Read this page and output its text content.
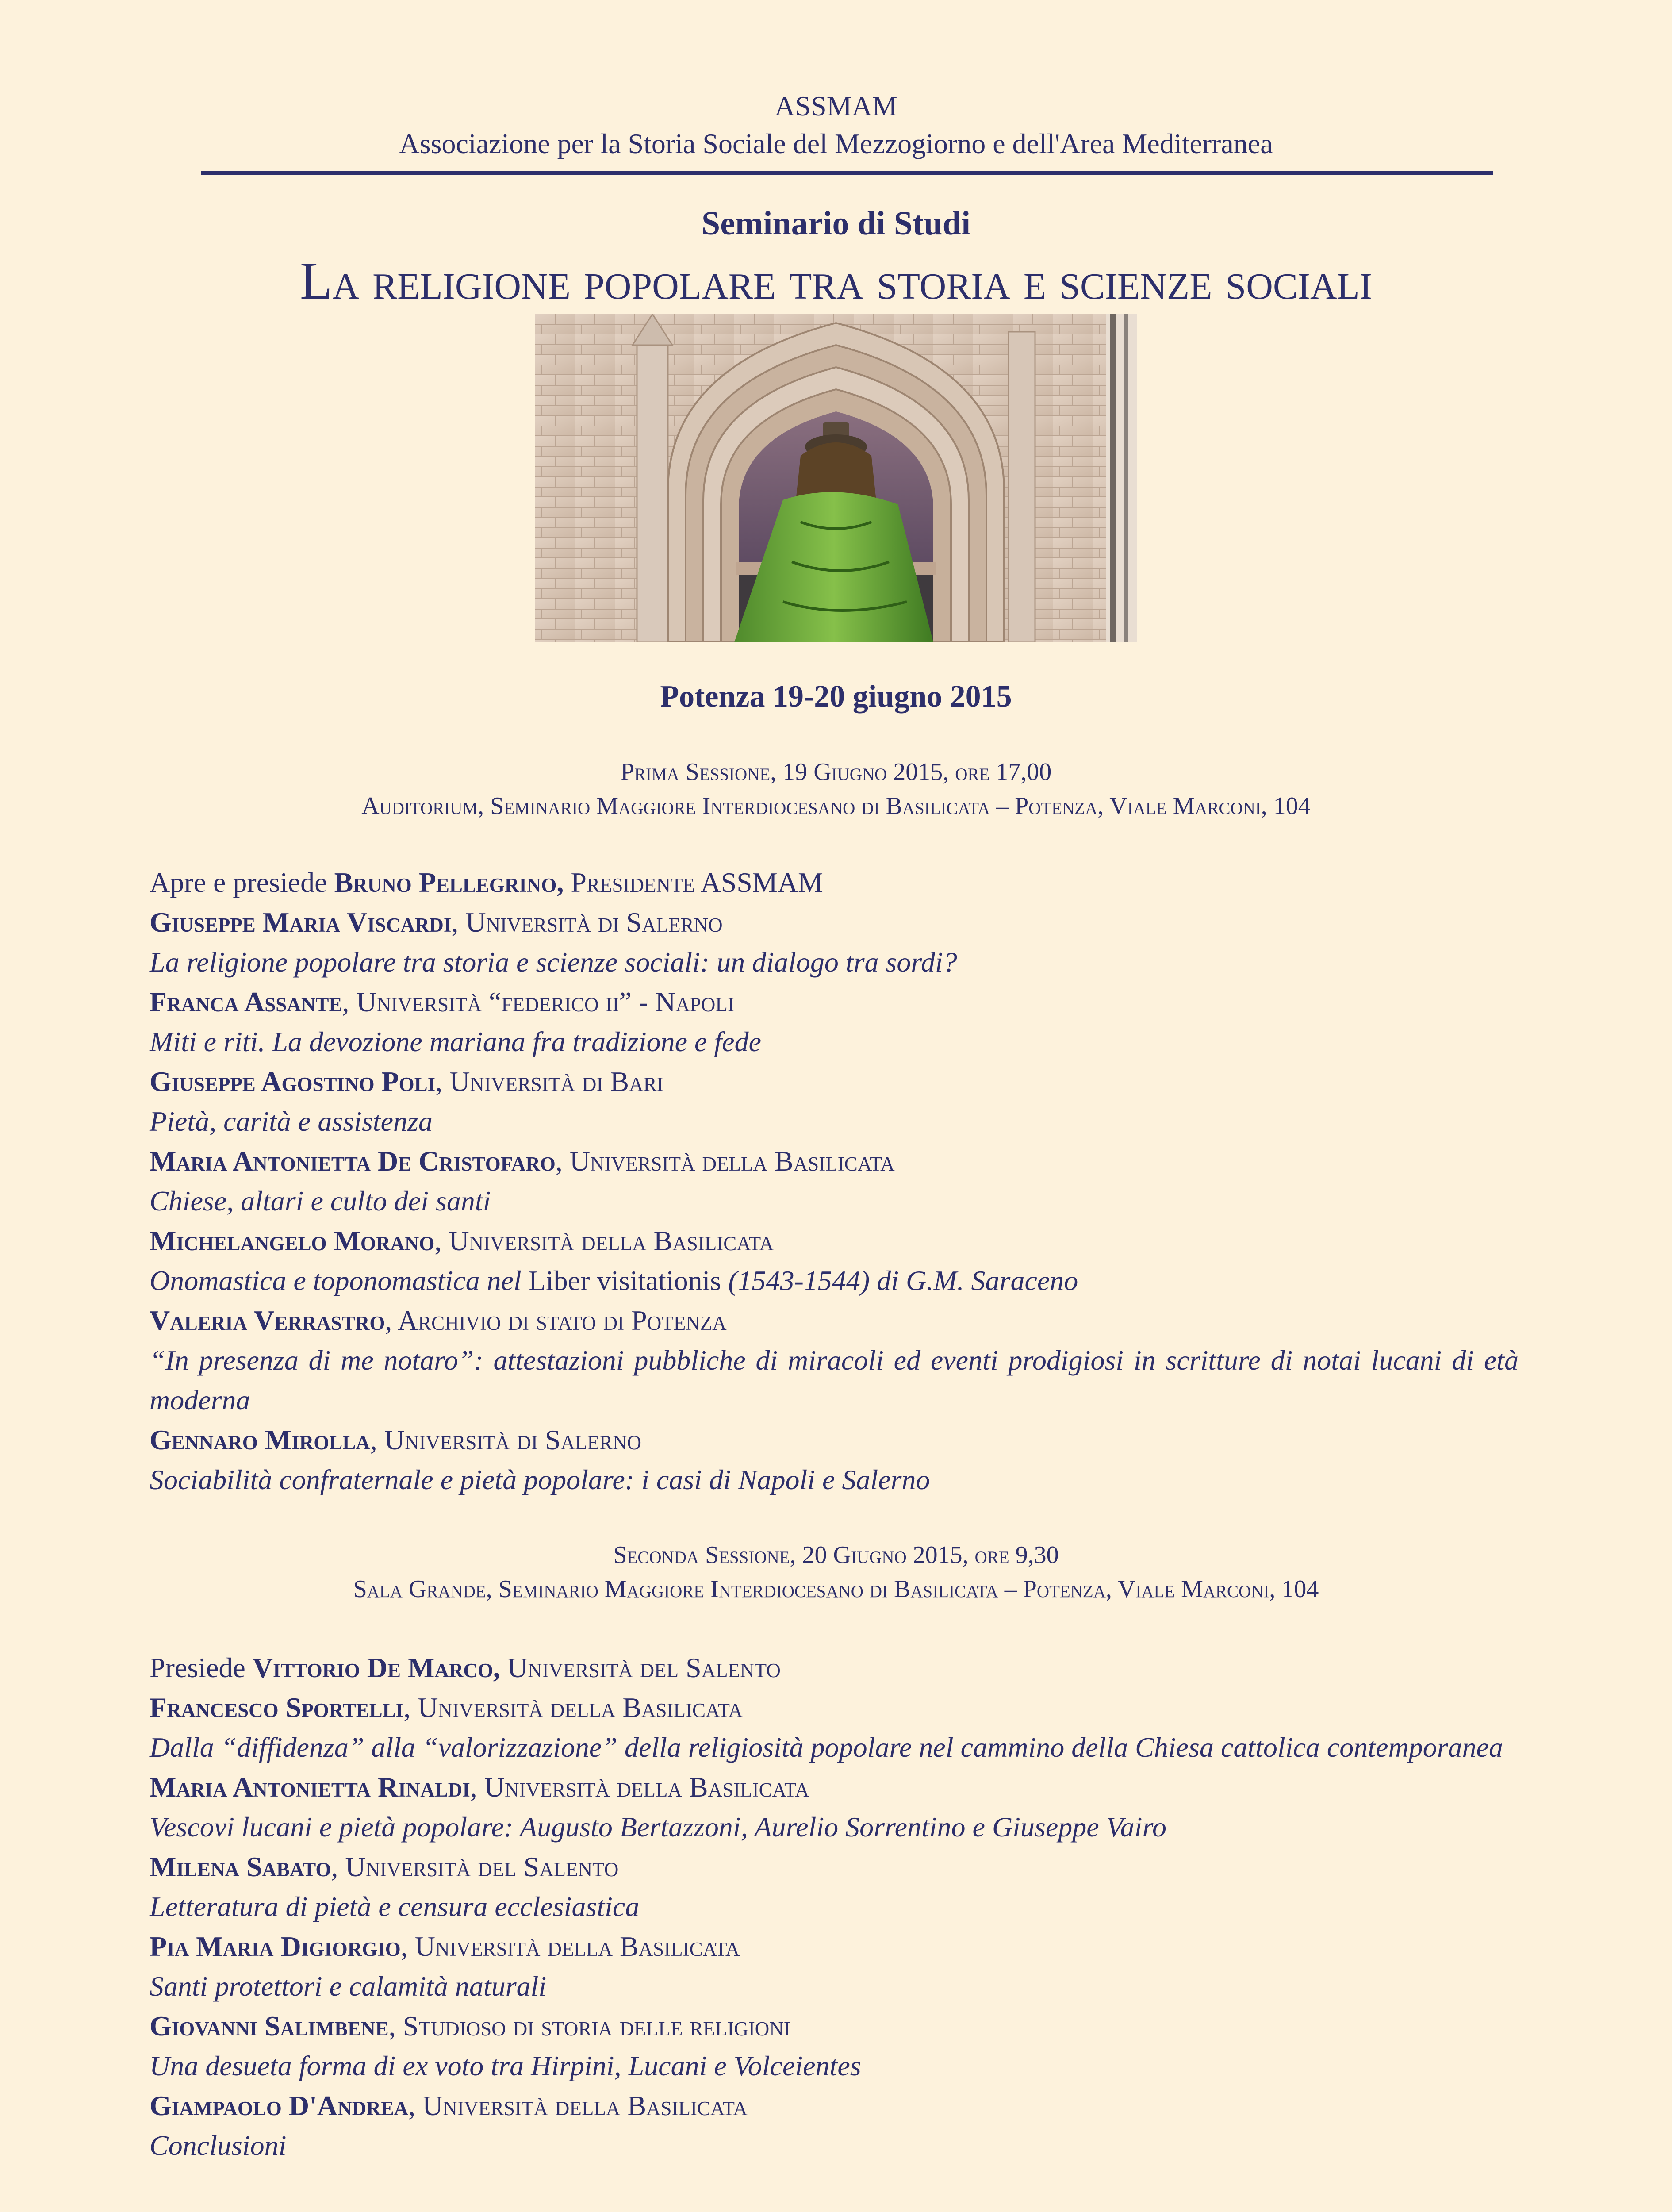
ASSMAM
Associazione per la Storia Sociale del Mezzogiorno e dell'Area Mediterranea
Seminario di Studi
La religione popolare tra storia e scienze sociali
Potenza 19-20 giugno 2015
Prima Sessione, 19 Giugno 2015, ore 17,00
Auditorium, Seminario Maggiore Interdiocesano di Basilicata – Potenza, Viale Marconi, 104
Apre e presiede Bruno Pellegrino, Presidente ASSMAM
Giuseppe Maria Viscardi, Università di Salerno
La religione popolare tra storia e scienze sociali: un dialogo tra sordi?
Franca Assante, Università “federico ii” - Napoli
Miti e riti. La devozione mariana fra tradizione e fede
Giuseppe Agostino Poli, Università di Bari
Pietà, carità e assistenza
Maria Antonietta De Cristofaro, Università della Basilicata
Chiese, altari e culto dei santi
Michelangelo Morano, Università della Basilicata
Onomastica e toponomastica nel Liber visitationis (1543-1544) di G.M. Saraceno
Valeria Verrastro, Archivio di stato di Potenza
“In presenza di me notaro”: attestazioni pubbliche di miracoli ed eventi prodigiosi in scritture di notai lucani di età moderna
Gennaro Mirolla, Università di Salerno
Sociabilità confraternale e pietà popolare: i casi di Napoli e Salerno
Seconda Sessione, 20 Giugno 2015, ore 9,30
Sala Grande, Seminario Maggiore Interdiocesano di Basilicata – Potenza, Viale Marconi, 104
Presiede Vittorio De Marco, Università del Salento
Francesco Sportelli, Università della Basilicata
Dalla “diffidenza” alla “valorizzazione” della religiosità popolare nel cammino della Chiesa cattolica contemporanea
Maria Antonietta Rinaldi, Università della Basilicata
Vescovi lucani e pietà popolare: Augusto Bertazzoni, Aurelio Sorrentino e Giuseppe Vairo
Milena Sabato, Università del Salento
Letteratura di pietà e censura ecclesiastica
Pia Maria Digiorgio, Università della Basilicata
Santi protettori e calamità naturali
Giovanni Salimbene, Studioso di storia delle religioni
Una desueta forma di ex voto tra Hirpini, Lucani e Volceientes
Giampaolo D'Andrea, Università della Basilicata
Conclusioni
